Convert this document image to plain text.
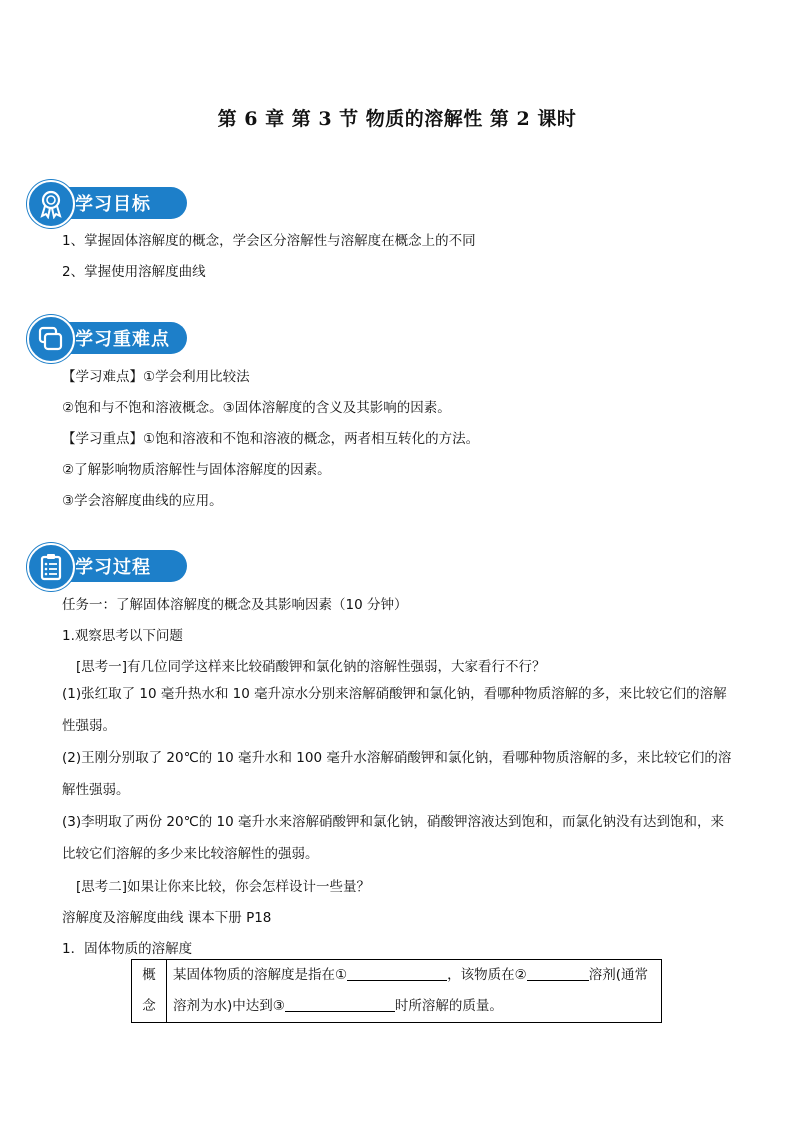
第 6 章 第 3 节 物质的溶解性 第 2 课时
学习目标
1、掌握固体溶解度的概念，学会区分溶解性与溶解度在概念上的不同
2、掌握使用溶解度曲线
学习重难点
【学习难点】①学会利用比较法
②饱和与不饱和溶液概念。③固体溶解度的含义及其影响的因素。
【学习重点】①饱和溶液和不饱和溶液的概念，两者相互转化的方法。
②了解影响物质溶解性与固体溶解度的因素。
③学会溶解度曲线的应用。
学习过程
任务一：了解固体溶解度的概念及其影响因素（10 分钟）
1.观察思考以下问题
[思考一]有几位同学这样来比较硝酸钾和氯化钠的溶解性强弱，大家看行不行？
(1)张红取了 10 毫升热水和 10 毫升凉水分别来溶解硝酸钾和氯化钠，看哪种物质溶解的多，来比较它们的溶解性强弱。
(2)王刚分别取了 20℃的 10 毫升水和 100 毫升水溶解硝酸钾和氯化钠，看哪种物质溶解的多，来比较它们的溶解性强弱。
(3)李明取了两份 20℃的 10 毫升水来溶解硝酸钾和氯化钠，硝酸钾溶液达到饱和，而氯化钠没有达到饱和，来比较它们溶解的多少来比较溶解性的强弱。
[思考二]如果让你来比较，你会怎样设计一些量？
溶解度及溶解度曲线 课本下册 P18
1．固体物质的溶解度
概念	
某固体物质的溶解度是指在①	，该物质在②	溶剂(通常
溶剂为水)中达到③	时所溶解的质量。
